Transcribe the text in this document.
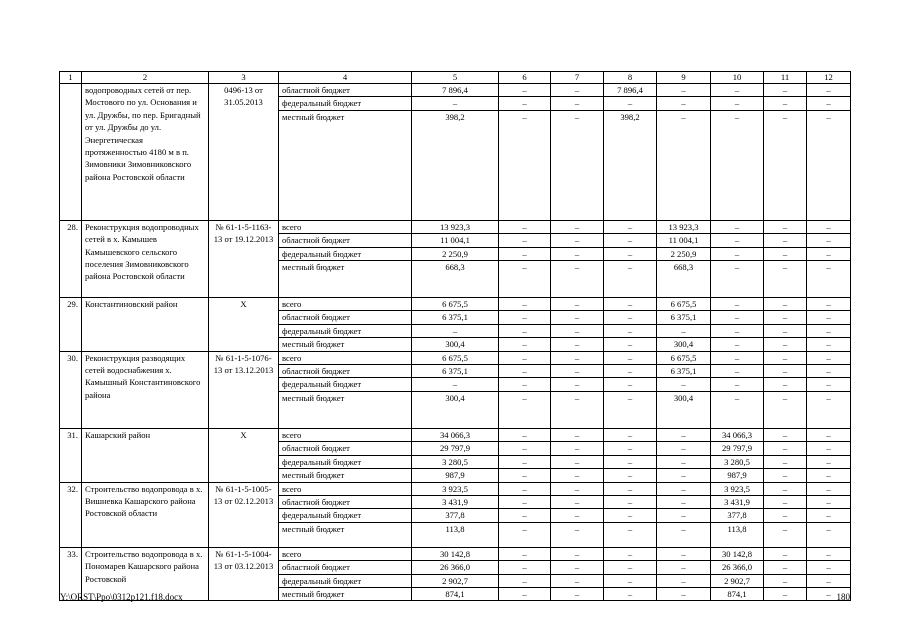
1	2	3	4	5	6	7	8	9	10	11	12
	водопроводных сетей от пер. Мостового по ул. Основания и ул. Дружбы, по пер. Бригадный от ул. Дружбы до ул. Энергетическая протяженностью 4180 м в п. Зимовники Зимовниковского района Ростовской области	0496-13 от 31.05.2013	областной бюджет	7 896,4	–	–	7 896,4	–	–	–	–
			федеральный бюджет	–	–	–	–	–	–	–	–
			местный бюджет	398,2	–	–	398,2	–	–	–	–
28.	Реконструкция водопроводных сетей в х. Камышев Камышевского сельского поселения Зимовниковского района Ростовской области	№ 61-1-5-1163-13 от 19.12.2013	всего	13 923,3	–	–	–	13 923,3	–	–	–
			областной бюджет	11 004,1	–	–	–	11 004,1	–	–	–
			федеральный бюджет	2 250,9	–	–	–	2 250,9	–	–	–
			местный бюджет	668,3	–	–	–	668,3	–	–	–
29.	Константиновский район	X	всего	6 675,5	–	–	–	6 675,5	–	–	–
			областной бюджет	6 375,1	–	–	–	6 375,1	–	–	–
			федеральный бюджет	–	–	–	–	–	–	–	–
			местный бюджет	300,4	–	–	–	300,4	–	–	–
30.	Реконструкция разводящих сетей водоснабжения х. Камышный Константиновского района	№ 61-1-5-1076-13 от 13.12.2013	всего	6 675,5	–	–	–	6 675,5	–	–	–
			областной бюджет	6 375,1	–	–	–	6 375,1	–	–	–
			федеральный бюджет	–	–	–	–	–	–	–	–
			местный бюджет	300,4	–	–	–	300,4	–	–	–
31.	Кашарский район	X	всего	34 066,3	–	–	–	–	34 066,3	–	–
			областной бюджет	29 797,9	–	–	–	–	29 797,9	–	–
			федеральный бюджет	3 280,5	–	–	–	–	3 280,5	–	–
			местный бюджет	987,9	–	–	–	–	987,9	–	–
32.	Строительство водопровода в х. Вишневка Кашарского района Ростовской области	№ 61-1-5-1005-13 от 02.12.2013	всего	3 923,5	–	–	–	–	3 923,5	–	–
			областной бюджет	3 431,9	–	–	–	–	3 431,9	–	–
			федеральный бюджет	377,8	–	–	–	–	377,8	–	–
			местный бюджет	113,8	–	–	–	–	113,8	–	–
33.	Строительство водопровода в х. Пономарев Кашарского района Ростовской	№ 61-1-5-1004-13 от 03.12.2013	всего	30 142,8	–	–	–	–	30 142,8	–	–
			областной бюджет	26 366,0	–	–	–	–	26 366,0	–	–
			федеральный бюджет	2 902,7	–	–	–	–	2 902,7	–	–
			местный бюджет	874,1	–	–	–	–	874,1	–	–
Y:\ORST\Ppo\0312p121.f18.docx	180
